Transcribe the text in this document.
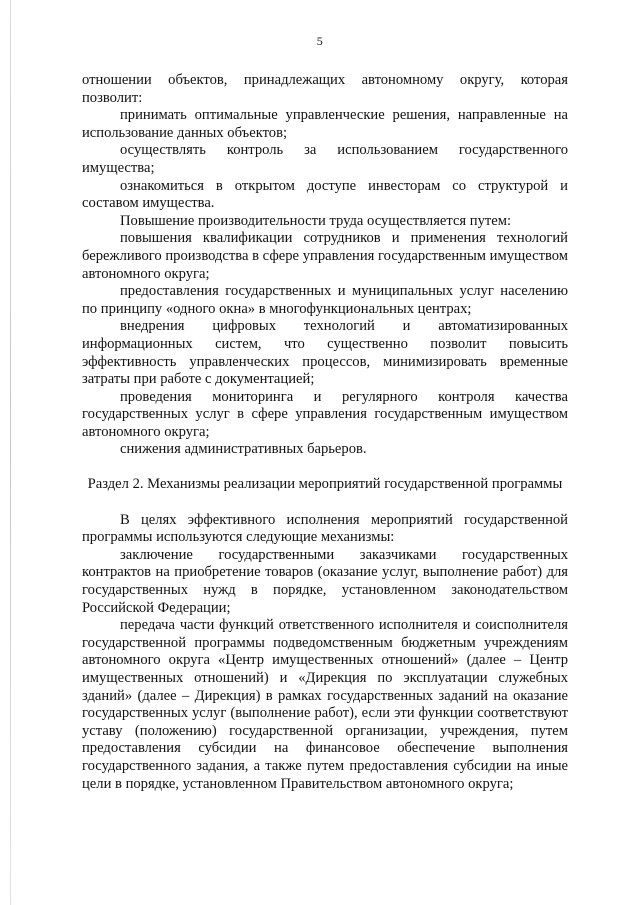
5

отношении объектов, принадлежащих автономному округу, которая позволит:

принимать оптимальные управленческие решения, направленные на использование данных объектов;

осуществлять контроль за использованием государственного имущества;

ознакомиться в открытом доступе инвесторам со структурой и составом имущества.

Повышение производительности труда осуществляется путем:

повышения квалификации сотрудников и применения технологий бережливого производства в сфере управления государственным имуществом автономного округа;

предоставления государственных и муниципальных услуг населению по принципу «одного окна» в многофункциональных центрах;

внедрения цифровых технологий и автоматизированных информационных систем, что существенно позволит повысить эффективность управленческих процессов, минимизировать временные затраты при работе с документацией;

проведения мониторинга и регулярного контроля качества государственных услуг в сфере управления государственным имуществом автономного округа;

снижения административных барьеров.

Раздел 2. Механизмы реализации мероприятий государственной программы

В целях эффективного исполнения мероприятий государственной программы используются следующие механизмы:

заключение государственными заказчиками государственных контрактов на приобретение товаров (оказание услуг, выполнение работ) для государственных нужд в порядке, установленном законодательством Российской Федерации;

передача части функций ответственного исполнителя и соисполнителя государственной программы подведомственным бюджетным учреждениям автономного округа «Центр имущественных отношений» (далее – Центр имущественных отношений) и «Дирекция по эксплуатации служебных зданий» (далее – Дирекция) в рамках государственных заданий на оказание государственных услуг (выполнение работ), если эти функции соответствуют уставу (положению) государственной организации, учреждения, путем предоставления субсидии на финансовое обеспечение выполнения государственного задания, а также путем предоставления субсидии на иные цели в порядке, установленном Правительством автономного округа;
